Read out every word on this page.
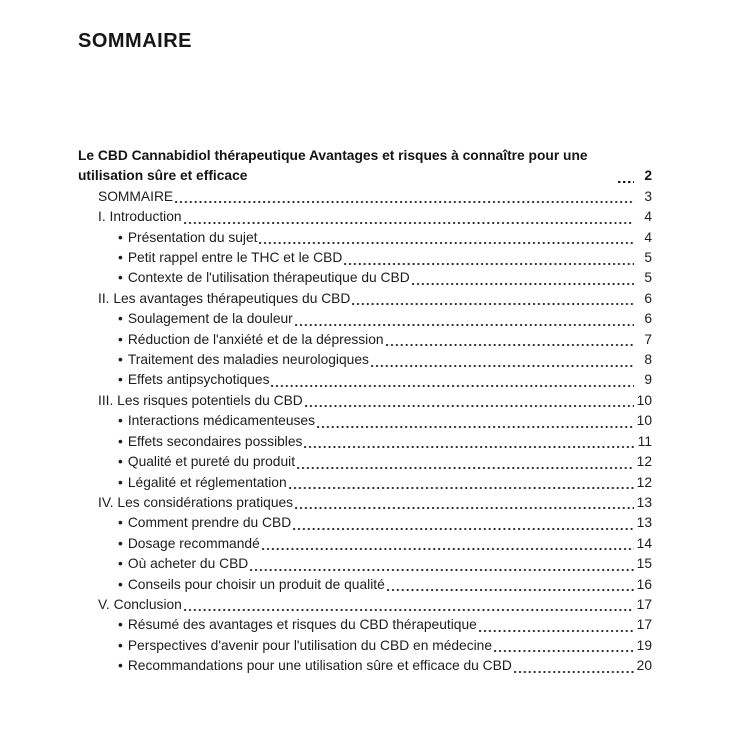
SOMMAIRE
Le CBD Cannabidiol thérapeutique Avantages et risques à connaître pour une utilisation sûre et efficace	2
SOMMAIRE	3
I. Introduction	4
• Présentation du sujet	4
• Petit rappel entre le THC et le CBD	5
• Contexte de l'utilisation thérapeutique du CBD	5
II. Les avantages thérapeutiques du CBD	6
• Soulagement de la douleur	6
• Réduction de l'anxiété et de la dépression	7
• Traitement des maladies neurologiques	8
• Effets antipsychotiques	9
III. Les risques potentiels du CBD	10
• Interactions médicamenteuses	10
• Effets secondaires possibles	11
• Qualité et pureté du produit	12
• Légalité et réglementation	12
IV. Les considérations pratiques	13
• Comment prendre du CBD	13
• Dosage recommandé	14
• Où acheter du CBD	15
• Conseils pour choisir un produit de qualité	16
V. Conclusion	17
• Résumé des avantages et risques du CBD thérapeutique	17
• Perspectives d'avenir pour l'utilisation du CBD en médecine	19
• Recommandations pour une utilisation sûre et efficace du CBD	20
